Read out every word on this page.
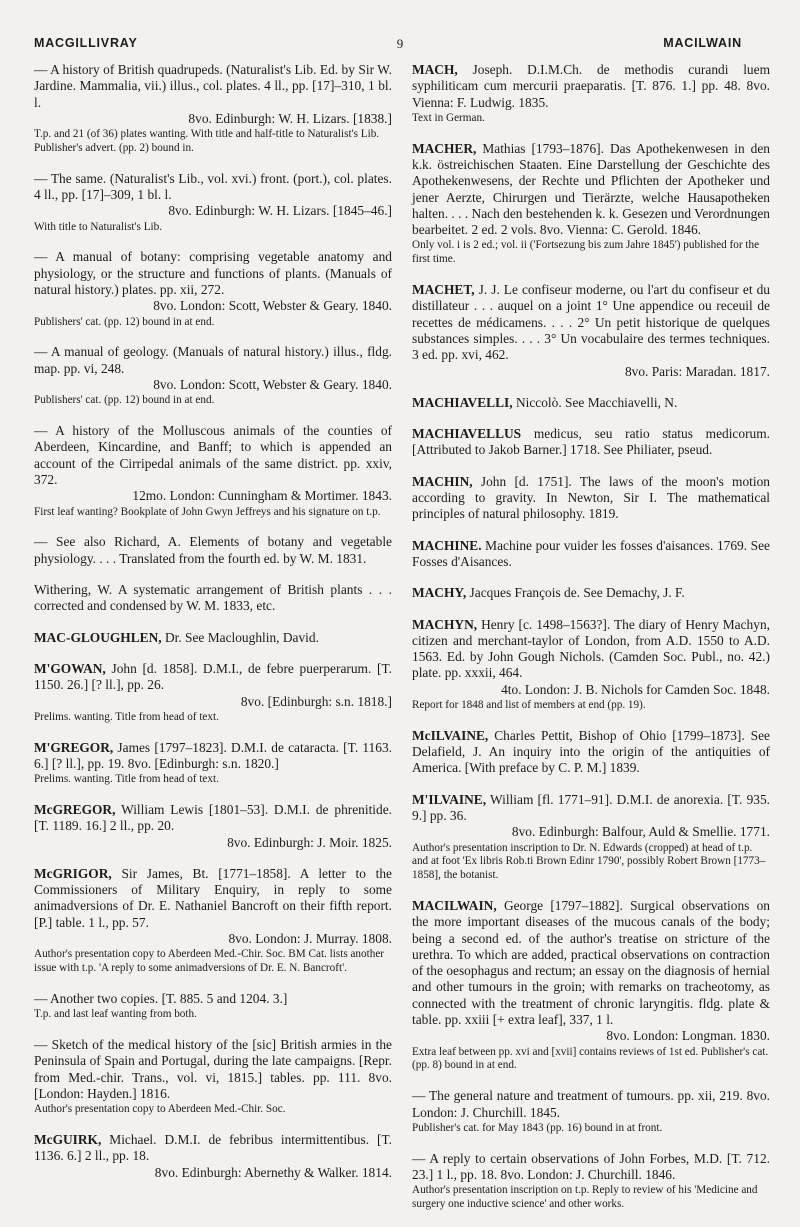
MACGILLIVRAY	9	MACILWAIN
— A history of British quadrupeds. (Naturalist's Lib. Ed. by Sir W. Jardine. Mammalia, vii.) illus., col. plates. 4 ll., pp. [17]–310, 1 bl. l.
8vo. Edinburgh: W. H. Lizars. [1838.]
T.p. and 21 (of 36) plates wanting. With title and half-title to Naturalist's Lib. Publisher's advert. (pp. 2) bound in.
— The same. (Naturalist's Lib., vol. xvi.) front. (port.), col. plates. 4 ll., pp. [17]–309, 1 bl. l.
8vo. Edinburgh: W. H. Lizars. [1845–46.]
With title to Naturalist's Lib.
— A manual of botany: comprising vegetable anatomy and physiology, or the structure and functions of plants. (Manuals of natural history.) plates. pp. xii, 272.
8vo. London: Scott, Webster & Geary. 1840.
Publishers' cat. (pp. 12) bound in at end.
— A manual of geology. (Manuals of natural history.) illus., fldg. map. pp. vi, 248.
8vo. London: Scott, Webster & Geary. 1840.
Publishers' cat. (pp. 12) bound in at end.
— A history of the Molluscous animals of the counties of Aberdeen, Kincardine, and Banff; to which is appended an account of the Cirripedal animals of the same district. pp. xxiv, 372.
12mo. London: Cunningham & Mortimer. 1843.
First leaf wanting? Bookplate of John Gwyn Jeffreys and his signature on t.p.
— See also Richard, A. Elements of botany and vegetable physiology. . . . Translated from the fourth ed. by W. M. 1831.
Withering, W. A systematic arrangement of British plants . . . corrected and condensed by W. M. 1833, etc.
MAC-GLOUGHLEN, Dr. See Macloughlin, David.
M'GOWAN, John [d. 1858]. D.M.I., de febre puerperarum. [T. 1150. 26.] [? ll.], pp. 26.
8vo. [Edinburgh: s.n. 1818.]
Prelims. wanting. Title from head of text.
M'GREGOR, James [1797–1823]. D.M.I. de cataracta. [T. 1163. 6.] [? ll.], pp. 19. 8vo. [Edinburgh: s.n. 1820.]
Prelims. wanting. Title from head of text.
McGREGOR, William Lewis [1801–53]. D.M.I. de phrenitide. [T. 1189. 16.] 2 ll., pp. 20.
8vo. Edinburgh: J. Moir. 1825.
McGRIGOR, Sir James, Bt. [1771–1858]. A letter to the Commissioners of Military Enquiry, in reply to some animadversions of Dr. E. Nathaniel Bancroft on their fifth report. [P.] table. 1 l., pp. 57.
8vo. London: J. Murray. 1808.
Author's presentation copy to Aberdeen Med.-Chir. Soc. BM Cat. lists another issue with t.p. 'A reply to some animadversions of Dr. E. N. Bancroft'.
— Another two copies. [T. 885. 5 and 1204. 3.]
T.p. and last leaf wanting from both.
— Sketch of the medical history of the [sic] British armies in the Peninsula of Spain and Portugal, during the late campaigns. [Repr. from Med.-chir. Trans., vol. vi, 1815.] tables. pp. 111. 8vo. [London: Hayden.] 1816.
Author's presentation copy to Aberdeen Med.-Chir. Soc.
McGUIRK, Michael. D.M.I. de febribus intermittentibus. [T. 1136. 6.] 2 ll., pp. 18.
8vo. Edinburgh: Abernethy & Walker. 1814.
MACH, Joseph. D.I.M.Ch. de methodis curandi luem syphiliticam cum mercurii praeparatis. [T. 876. 1.] pp. 48. 8vo. Vienna: F. Ludwig. 1835.
Text in German.
MACHER, Mathias [1793–1876]. Das Apothekenwesen in den k.k. östreichischen Staaten. Eine Darstellung der Geschichte des Apothekenwesens, der Rechte und Pflichten der Apotheker und jener Aerzte, Chirurgen und Tierärzte, welche Hausapotheken halten. . . . Nach den bestehenden k. k. Gesezen und Verordnungen bearbeitet. 2 ed. 2 vols. 8vo. Vienna: C. Gerold. 1846.
Only vol. i is 2 ed.; vol. ii ('Fortsezung bis zum Jahre 1845') published for the first time.
MACHET, J. J. Le confiseur moderne, ou l'art du confiseur et du distillateur . . . auquel on a joint 1° Une appendice ou receuil de recettes de médicamens. . . . 2° Un petit historique de quelques substances simples. . . . 3° Un vocabulaire des termes techniques. 3 ed. pp. xvi, 462.
8vo. Paris: Maradan. 1817.
MACHIAVELLI, Niccolò. See Macchiavelli, N.
MACHIAVELLUS medicus, seu ratio status medicorum. [Attributed to Jakob Barner.] 1718. See Philiater, pseud.
MACHIN, John [d. 1751]. The laws of the moon's motion according to gravity. In Newton, Sir I. The mathematical principles of natural philosophy. 1819.
MACHINE. Machine pour vuider les fosses d'aisances. 1769. See Fosses d'Aisances.
MACHY, Jacques François de. See Demachy, J. F.
MACHYN, Henry [c. 1498–1563?]. The diary of Henry Machyn, citizen and merchant-taylor of London, from A.D. 1550 to A.D. 1563. Ed. by John Gough Nichols. (Camden Soc. Publ., no. 42.) plate. pp. xxxii, 464.
4to. London: J. B. Nichols for Camden Soc. 1848.
Report for 1848 and list of members at end (pp. 19).
McILVAINE, Charles Pettit, Bishop of Ohio [1799–1873]. See Delafield, J. An inquiry into the origin of the antiquities of America. [With preface by C. P. M.] 1839.
M'ILVAINE, William [fl. 1771–91]. D.M.I. de anorexia. [T. 935. 9.] pp. 36.
8vo. Edinburgh: Balfour, Auld & Smellie. 1771.
Author's presentation inscription to Dr. N. Edwards (cropped) at head of t.p. and at foot 'Ex libris Rob.ti Brown Edinr 1790', possibly Robert Brown [1773–1858], the botanist.
MACILWAIN, George [1797–1882]. Surgical observations on the more important diseases of the mucous canals of the body; being a second ed. of the author's treatise on stricture of the urethra. To which are added, practical observations on contraction of the oesophagus and rectum; an essay on the diagnosis of hernial and other tumours in the groin; with remarks on tracheotomy, as connected with the treatment of chronic laryngitis. fldg. plate & table. pp. xxiii [+ extra leaf], 337, 1 l.
8vo. London: Longman. 1830.
Extra leaf between pp. xvi and [xvii] contains reviews of 1st ed. Publisher's cat. (pp. 8) bound in at end.
— The general nature and treatment of tumours. pp. xii, 219. 8vo. London: J. Churchill. 1845.
Publisher's cat. for May 1843 (pp. 16) bound in at front.
— A reply to certain observations of John Forbes, M.D. [T. 712. 23.] 1 l., pp. 18. 8vo. London: J. Churchill. 1846.
Author's presentation inscription on t.p. Reply to review of his 'Medicine and surgery one inductive science' and other works.
